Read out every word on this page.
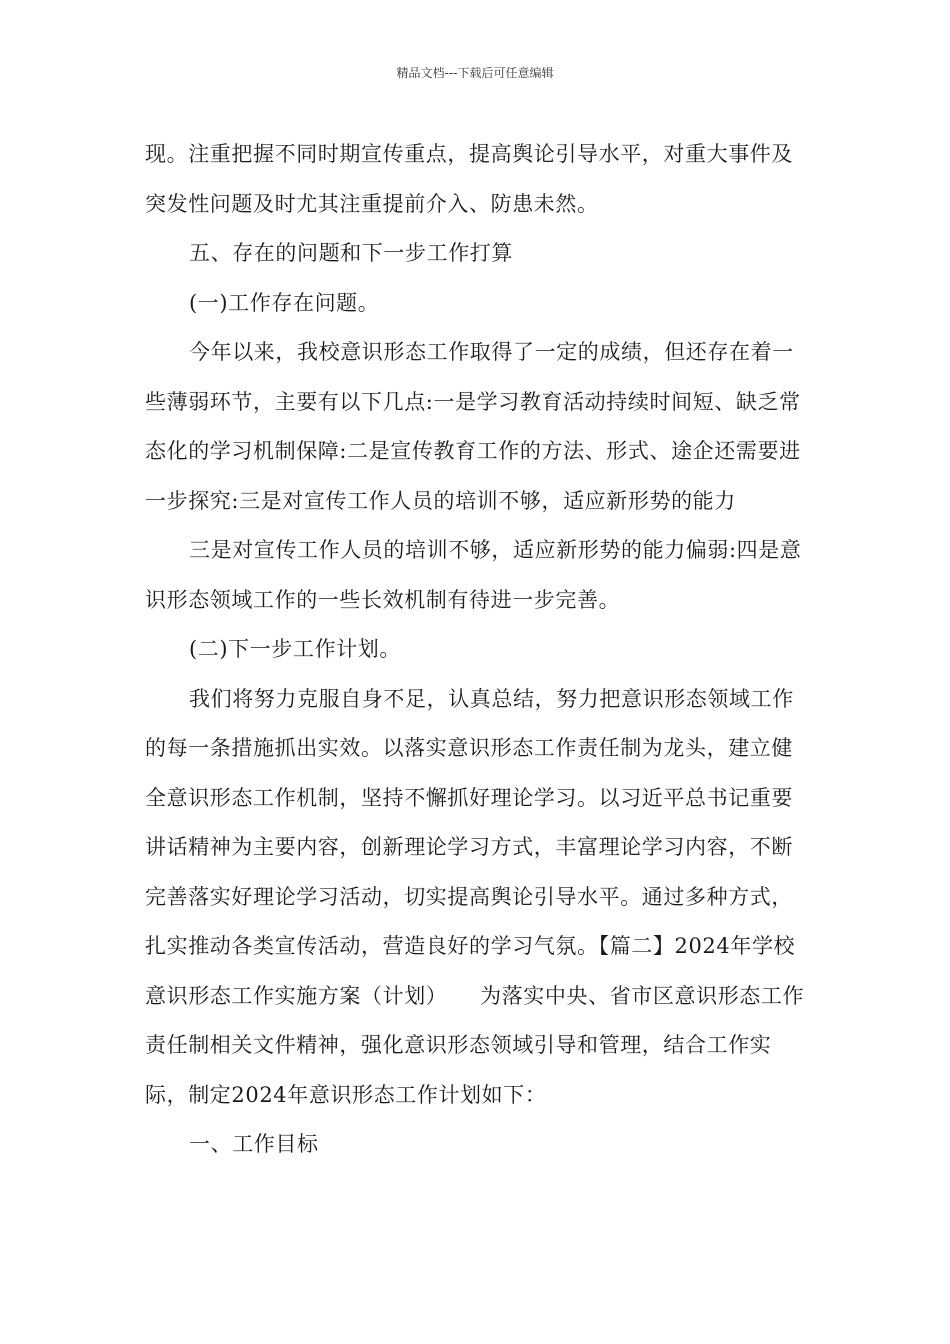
精品文档---下载后可任意编辑

现。注重把握不同时期宣传重点，提高舆论引导水平，对重大事件及突发性问题及时尤其注重提前介入、防患未然。

五、存在的问题和下一步工作打算

(一)工作存在问题。

今年以来，我校意识形态工作取得了一定的成绩，但还存在着一些薄弱环节，主要有以下几点:一是学习教育活动持续时间短、缺乏常态化的学习机制保障:二是宣传教育工作的方法、形式、途企还需要进一步探究:三是对宣传工作人员的培训不够，适应新形势的能力

三是对宣传工作人员的培训不够，适应新形势的能力偏弱:四是意识形态领域工作的一些长效机制有待进一步完善。

(二)下一步工作计划。

我们将努力克服自身不足，认真总结，努力把意识形态领域工作的每一条措施抓出实效。以落实意识形态工作责任制为龙头，建立健全意识形态工作机制，坚持不懈抓好理论学习。以习近平总书记重要讲话精神为主要内容，创新理论学习方式，丰富理论学习内容，不断完善落实好理论学习活动，切实提高舆论引导水平。通过多种方式，扎实推动各类宣传活动，营造良好的学习气氛。【篇二】2024年学校意识形态工作实施方案（计划）　　为落实中央、省市区意识形态工作责任制相关文件精神，强化意识形态领域引导和管理，结合工作实际，制定2024年意识形态工作计划如下：

一、工作目标
